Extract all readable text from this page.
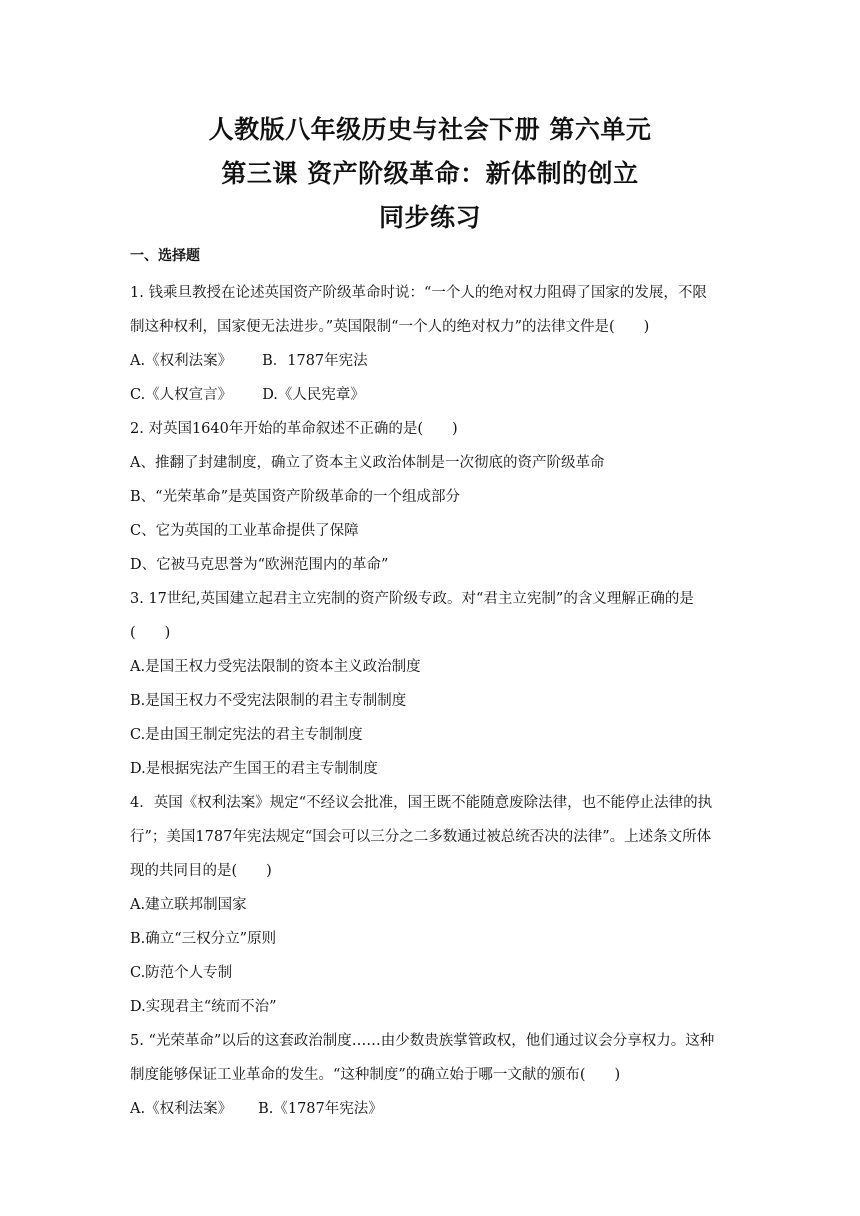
人教版八年级历史与社会下册 第六单元
第三课 资产阶级革命：新体制的创立
同步练习
一、选择题
1. 钱乘旦教授在论述英国资产阶级革命时说：“一个人的绝对权力阻碍了国家的发展，不限
制这种权利，国家便无法进步。”英国限制“一个人的绝对权力”的法律文件是(　　)
A.《权利法案》 B．1787年宪法
C.《人权宣言》 D.《人民宪章》
2. 对英国1640年开始的革命叙述不正确的是(　　)
A、推翻了封建制度，确立了资本主义政治体制是一次彻底的资产阶级革命
B、“光荣革命”是英国资产阶级革命的一个组成部分
C、它为英国的工业革命提供了保障
D、它被马克思誉为“欧洲范围内的革命”
3. 17世纪,英国建立起君主立宪制的资产阶级专政。对“君主立宪制”的含义理解正确的是
(　　)
A.是国王权力受宪法限制的资本主义政治制度
B.是国王权力不受宪法限制的君主专制制度
C.是由国王制定宪法的君主专制制度
D.是根据宪法产生国王的君主专制制度
4．英国《权利法案》规定“不经议会批准，国王既不能随意废除法律，也不能停止法律的执
行”；美国1787年宪法规定“国会可以三分之二多数通过被总统否决的法律”。上述条文所体
现的共同目的是(　　)
A.建立联邦制国家
B.确立“三权分立”原则
C.防范个人专制
D.实现君主“统而不治”
5. “光荣革命”以后的这套政治制度……由少数贵族掌管政权，他们通过议会分享权力。这种
制度能够保证工业革命的发生。“这种制度”的确立始于哪一文献的颁布(　　)
A.《权利法案》 B.《1787年宪法》
